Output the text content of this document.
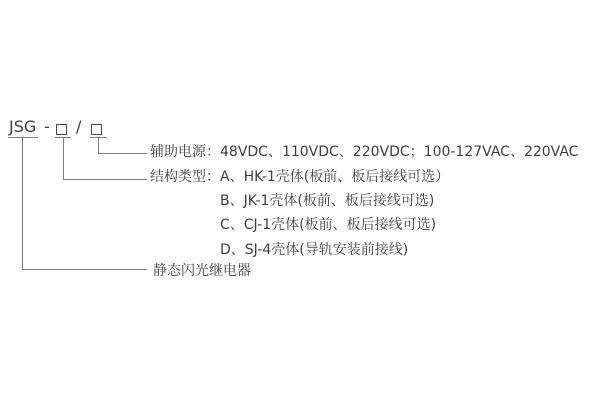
JSG - /
辅助电源：48VDC、110VDC、220VDC；100-127VAC、220VAC
结构类型： A、HK-1壳体(板前、板后接线可选）
B、JK-1壳体(板前、板后接线可选)
C、CJ-1壳体(板前、板后接线可选)
D、SJ-4壳体(导轨安装前接线)
静态闪光继电器
